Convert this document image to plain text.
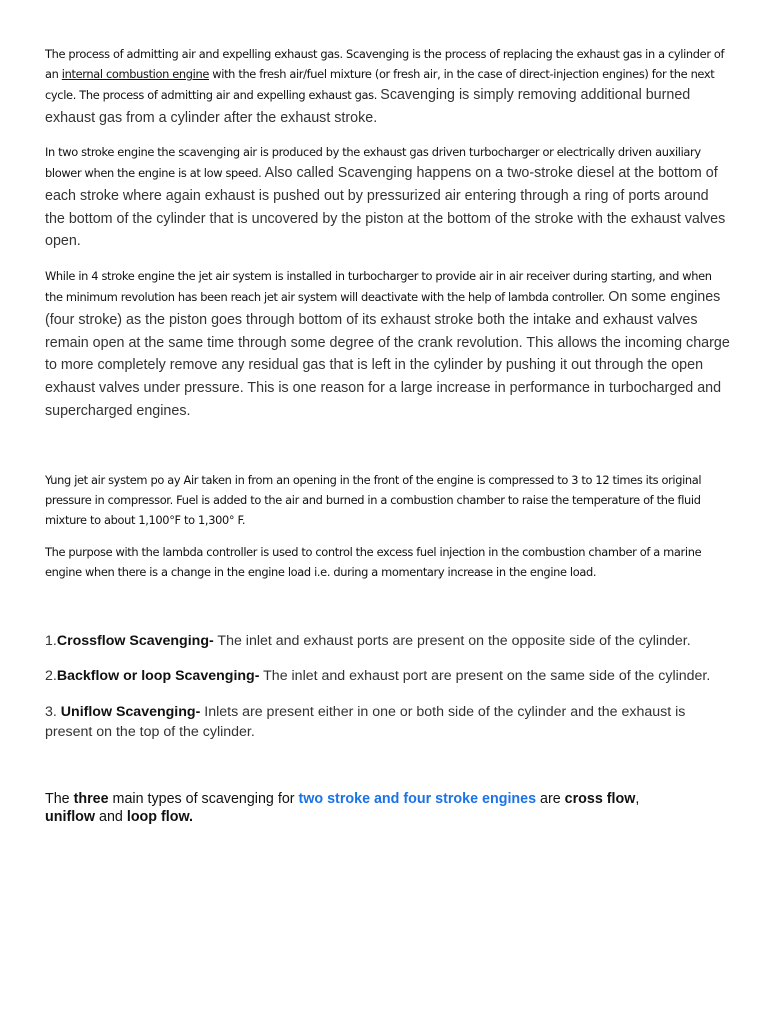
The process of admitting air and expelling exhaust gas. Scavenging is the process of replacing the exhaust gas in a cylinder of an internal combustion engine with the fresh air/fuel mixture (or fresh air, in the case of direct-injection engines) for the next cycle. The process of admitting air and expelling exhaust gas. Scavenging is simply removing additional burned exhaust gas from a cylinder after the exhaust stroke.

In two stroke engine the scavenging air is produced by the exhaust gas driven turbocharger or electrically driven auxiliary blower when the engine is at low speed. Also called Scavenging happens on a two-stroke diesel at the bottom of each stroke where again exhaust is pushed out by pressurized air entering through a ring of ports around the bottom of the cylinder that is uncovered by the piston at the bottom of the stroke with the exhaust valves open.

While in 4 stroke engine the jet air system is installed in turbocharger to provide air in air receiver during starting, and when the minimum revolution has been reach jet air system will deactivate with the help of lambda controller. On some engines (four stroke) as the piston goes through bottom of its exhaust stroke both the intake and exhaust valves remain open at the same time through some degree of the crank revolution. This allows the incoming charge to more completely remove any residual gas that is left in the cylinder by pushing it out through the open exhaust valves under pressure. This is one reason for a large increase in performance in turbocharged and supercharged engines.

Yung jet air system po ay Air taken in from an opening in the front of the engine is compressed to 3 to 12 times its original pressure in compressor. Fuel is added to the air and burned in a combustion chamber to raise the temperature of the fluid mixture to about 1,100°F to 1,300° F.

The purpose with the lambda controller is used to control the excess fuel injection in the combustion chamber of a marine engine when there is a change in the engine load i.e. during a momentary increase in the engine load.

1.Crossflow Scavenging- The inlet and exhaust ports are present on the opposite side of the cylinder.

2.Backflow or loop Scavenging- The inlet and exhaust port are present on the same side of the cylinder.

3. Uniflow Scavenging- Inlets are present either in one or both side of the cylinder and the exhaust is present on the top of the cylinder.

The three main types of scavenging for two stroke and four stroke engines are cross flow, uniflow and loop flow.
